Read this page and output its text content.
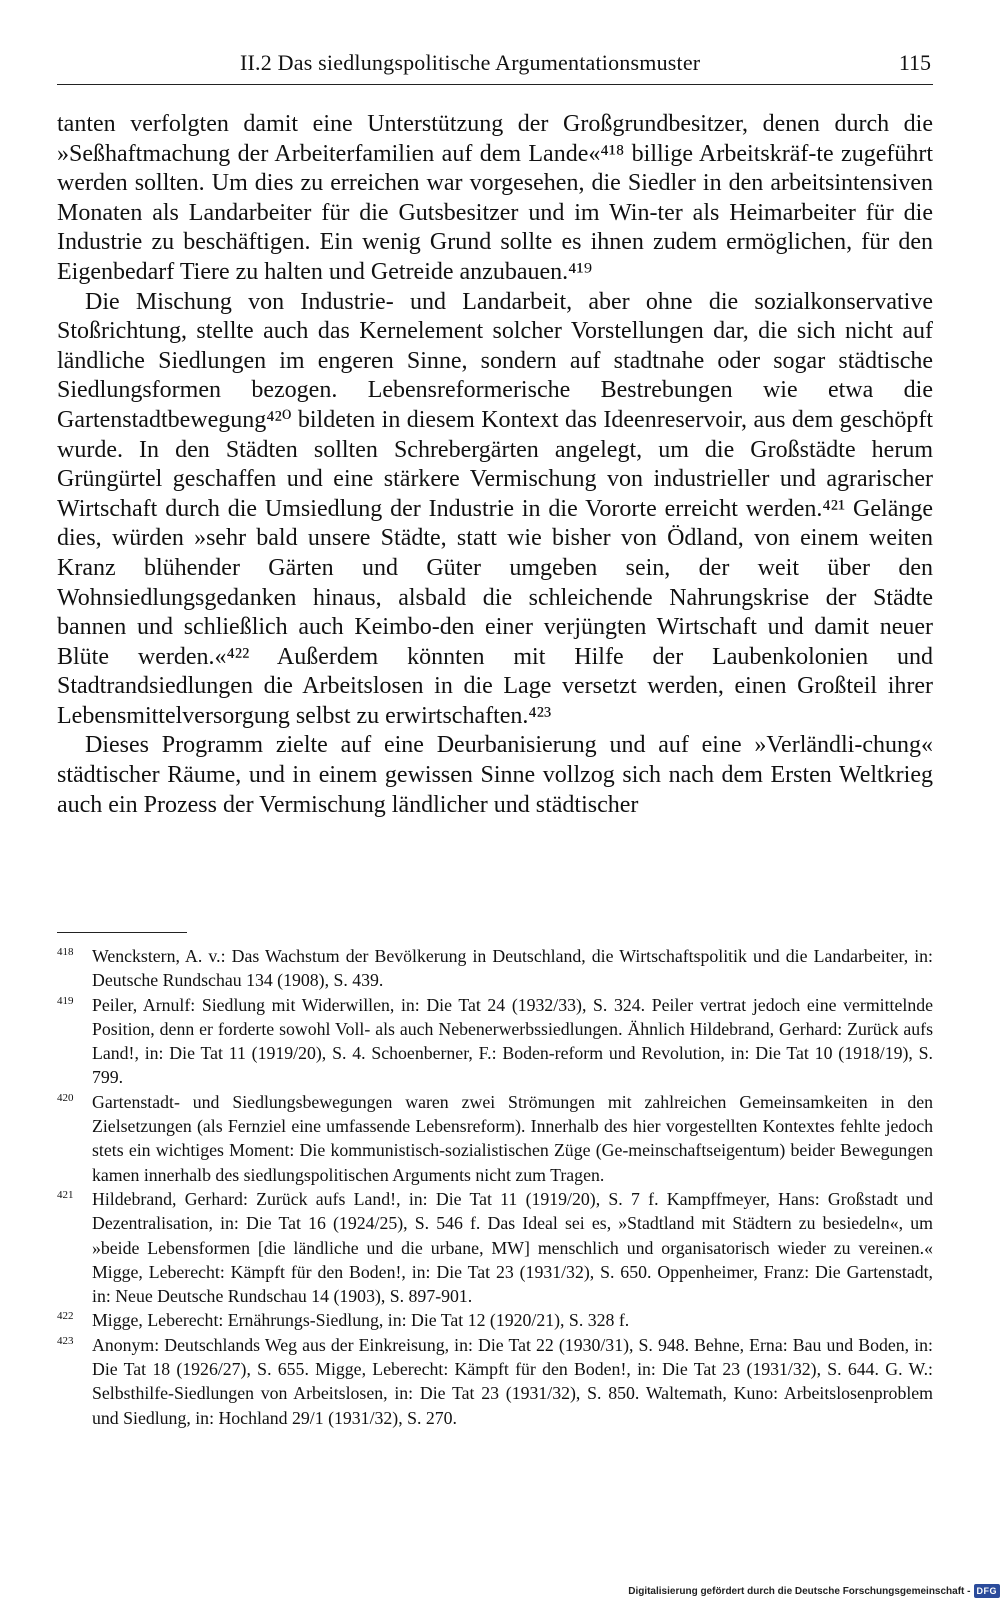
II.2 Das siedlungspolitische Argumentationsmuster	115

tanten verfolgten damit eine Unterstützung der Großgrundbesitzer, denen durch die »Seßhaftmachung der Arbeiterfamilien auf dem Lande«⁴¹⁸ billige Arbeitskräf-te zugeführt werden sollten. Um dies zu erreichen war vorgesehen, die Siedler in den arbeitsintensiven Monaten als Landarbeiter für die Gutsbesitzer und im Win-ter als Heimarbeiter für die Industrie zu beschäftigen. Ein wenig Grund sollte es ihnen zudem ermöglichen, für den Eigenbedarf Tiere zu halten und Getreide anzubauen.⁴¹⁹

Die Mischung von Industrie- und Landarbeit, aber ohne die sozialkonservative Stoßrichtung, stellte auch das Kernelement solcher Vorstellungen dar, die sich nicht auf ländliche Siedlungen im engeren Sinne, sondern auf stadtnahe oder sogar städtische Siedlungsformen bezogen. Lebensreformerische Bestrebungen wie etwa die Gartenstadtbewegung⁴²⁰ bildeten in diesem Kontext das Ideenreservoir, aus dem geschöpft wurde. In den Städten sollten Schrebergärten angelegt, um die Großstädte herum Grüngürtel geschaffen und eine stärkere Vermischung von industrieller und agrarischer Wirtschaft durch die Umsiedlung der Industrie in die Vororte erreicht werden.⁴²¹ Gelänge dies, würden »sehr bald unsere Städte, statt wie bisher von Ödland, von einem weiten Kranz blühender Gärten und Güter umgeben sein, der weit über den Wohnsiedlungsgedanken hinaus, alsbald die schleichende Nahrungskrise der Städte bannen und schließlich auch Keimbo-den einer verjüngten Wirtschaft und damit neuer Blüte werden.«⁴²² Außerdem könnten mit Hilfe der Laubenkolonien und Stadtrandsiedlungen die Arbeitslosen in die Lage versetzt werden, einen Großteil ihrer Lebensmittelversorgung selbst zu erwirtschaften.⁴²³

Dieses Programm zielte auf eine Deurbanisierung und auf eine »Verländli-chung« städtischer Räume, und in einem gewissen Sinne vollzog sich nach dem Ersten Weltkrieg auch ein Prozess der Vermischung ländlicher und städtischer

418 Wenckstern, A. v.: Das Wachstum der Bevölkerung in Deutschland, die Wirtschaftspolitik und die Landarbeiter, in: Deutsche Rundschau 134 (1908), S. 439.
419 Peiler, Arnulf: Siedlung mit Widerwillen, in: Die Tat 24 (1932/33), S. 324. Peiler vertrat jedoch eine vermittelnde Position, denn er forderte sowohl Voll- als auch Nebenerwerbssiedlungen. Ähnlich Hildebrand, Gerhard: Zurück aufs Land!, in: Die Tat 11 (1919/20), S. 4. Schoenberner, F.: Boden-reform und Revolution, in: Die Tat 10 (1918/19), S. 799.
420 Gartenstadt- und Siedlungsbewegungen waren zwei Strömungen mit zahlreichen Gemeinsamkeiten in den Zielsetzungen (als Fernziel eine umfassende Lebensreform). Innerhalb des hier vorgestellten Kontextes fehlte jedoch stets ein wichtiges Moment: Die kommunistisch-sozialistischen Züge (Ge-meinschaftseigentum) beider Bewegungen kamen innerhalb des siedlungspolitischen Arguments nicht zum Tragen.
421 Hildebrand, Gerhard: Zurück aufs Land!, in: Die Tat 11 (1919/20), S. 7 f. Kampffmeyer, Hans: Großstadt und Dezentralisation, in: Die Tat 16 (1924/25), S. 546 f. Das Ideal sei es, »Stadtland mit Städtern zu besiedeln«, um »beide Lebensformen [die ländliche und die urbane, MW] menschlich und organisatorisch wieder zu vereinen.« Migge, Leberecht: Kämpft für den Boden!, in: Die Tat 23 (1931/32), S. 650. Oppenheimer, Franz: Die Gartenstadt, in: Neue Deutsche Rundschau 14 (1903), S. 897-901.
422 Migge, Leberecht: Ernährungs-Siedlung, in: Die Tat 12 (1920/21), S. 328 f.
423 Anonym: Deutschlands Weg aus der Einkreisung, in: Die Tat 22 (1930/31), S. 948. Behne, Erna: Bau und Boden, in: Die Tat 18 (1926/27), S. 655. Migge, Leberecht: Kämpft für den Boden!, in: Die Tat 23 (1931/32), S. 644. G. W.: Selbsthilfe-Siedlungen von Arbeitslosen, in: Die Tat 23 (1931/32), S. 850. Waltemath, Kuno: Arbeitslosenproblem und Siedlung, in: Hochland 29/1 (1931/32), S. 270.
Digitalisierung gefördert durch die Deutsche Forschungsgemeinschaft - DFG
